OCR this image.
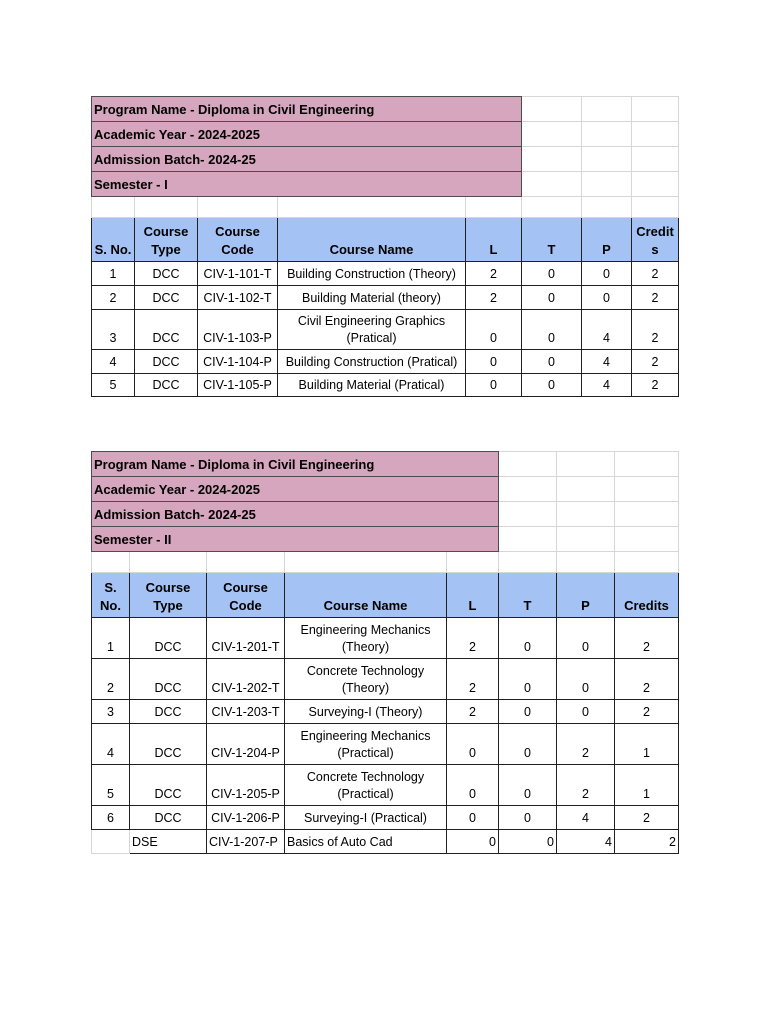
Program Name - Diploma in Civil Engineering							
Academic Year - 2024-2025							
Admission Batch- 2024-25							
Semester - I							

S. No.	Course Type	Course Code	Course Name	L	T	P	Credits
1	DCC	CIV-1-101-T	Building Construction (Theory)	2	0	0	2
2	DCC	CIV-1-102-T	Building Material (theory)	2	0	0	2
3	DCC	CIV-1-103-P	Civil Engineering Graphics (Pratical)	0	0	4	2
4	DCC	CIV-1-104-P	Building Construction (Pratical)	0	0	4	2
5	DCC	CIV-1-105-P	Building Material (Pratical)	0	0	4	2
Program Name - Diploma in Civil Engineering							
Academic Year - 2024-2025							
Admission Batch- 2024-25							
Semester - II							

S. No.	Course Type	Course Code	Course Name	L	T	P	Credits
1	DCC	CIV-1-201-T	Engineering Mechanics (Theory)	2	0	0	2
2	DCC	CIV-1-202-T	Concrete Technology (Theory)	2	0	0	2
3	DCC	CIV-1-203-T	Surveying-I (Theory)	2	0	0	2
4	DCC	CIV-1-204-P	Engineering Mechanics (Practical)	0	0	2	1
5	DCC	CIV-1-205-P	Concrete Technology (Practical)	0	0	2	1
6	DCC	CIV-1-206-P	Surveying-I (Practical)	0	0	4	2
	DSE	CIV-1-207-P	Basics of Auto Cad	0	0	4	2
